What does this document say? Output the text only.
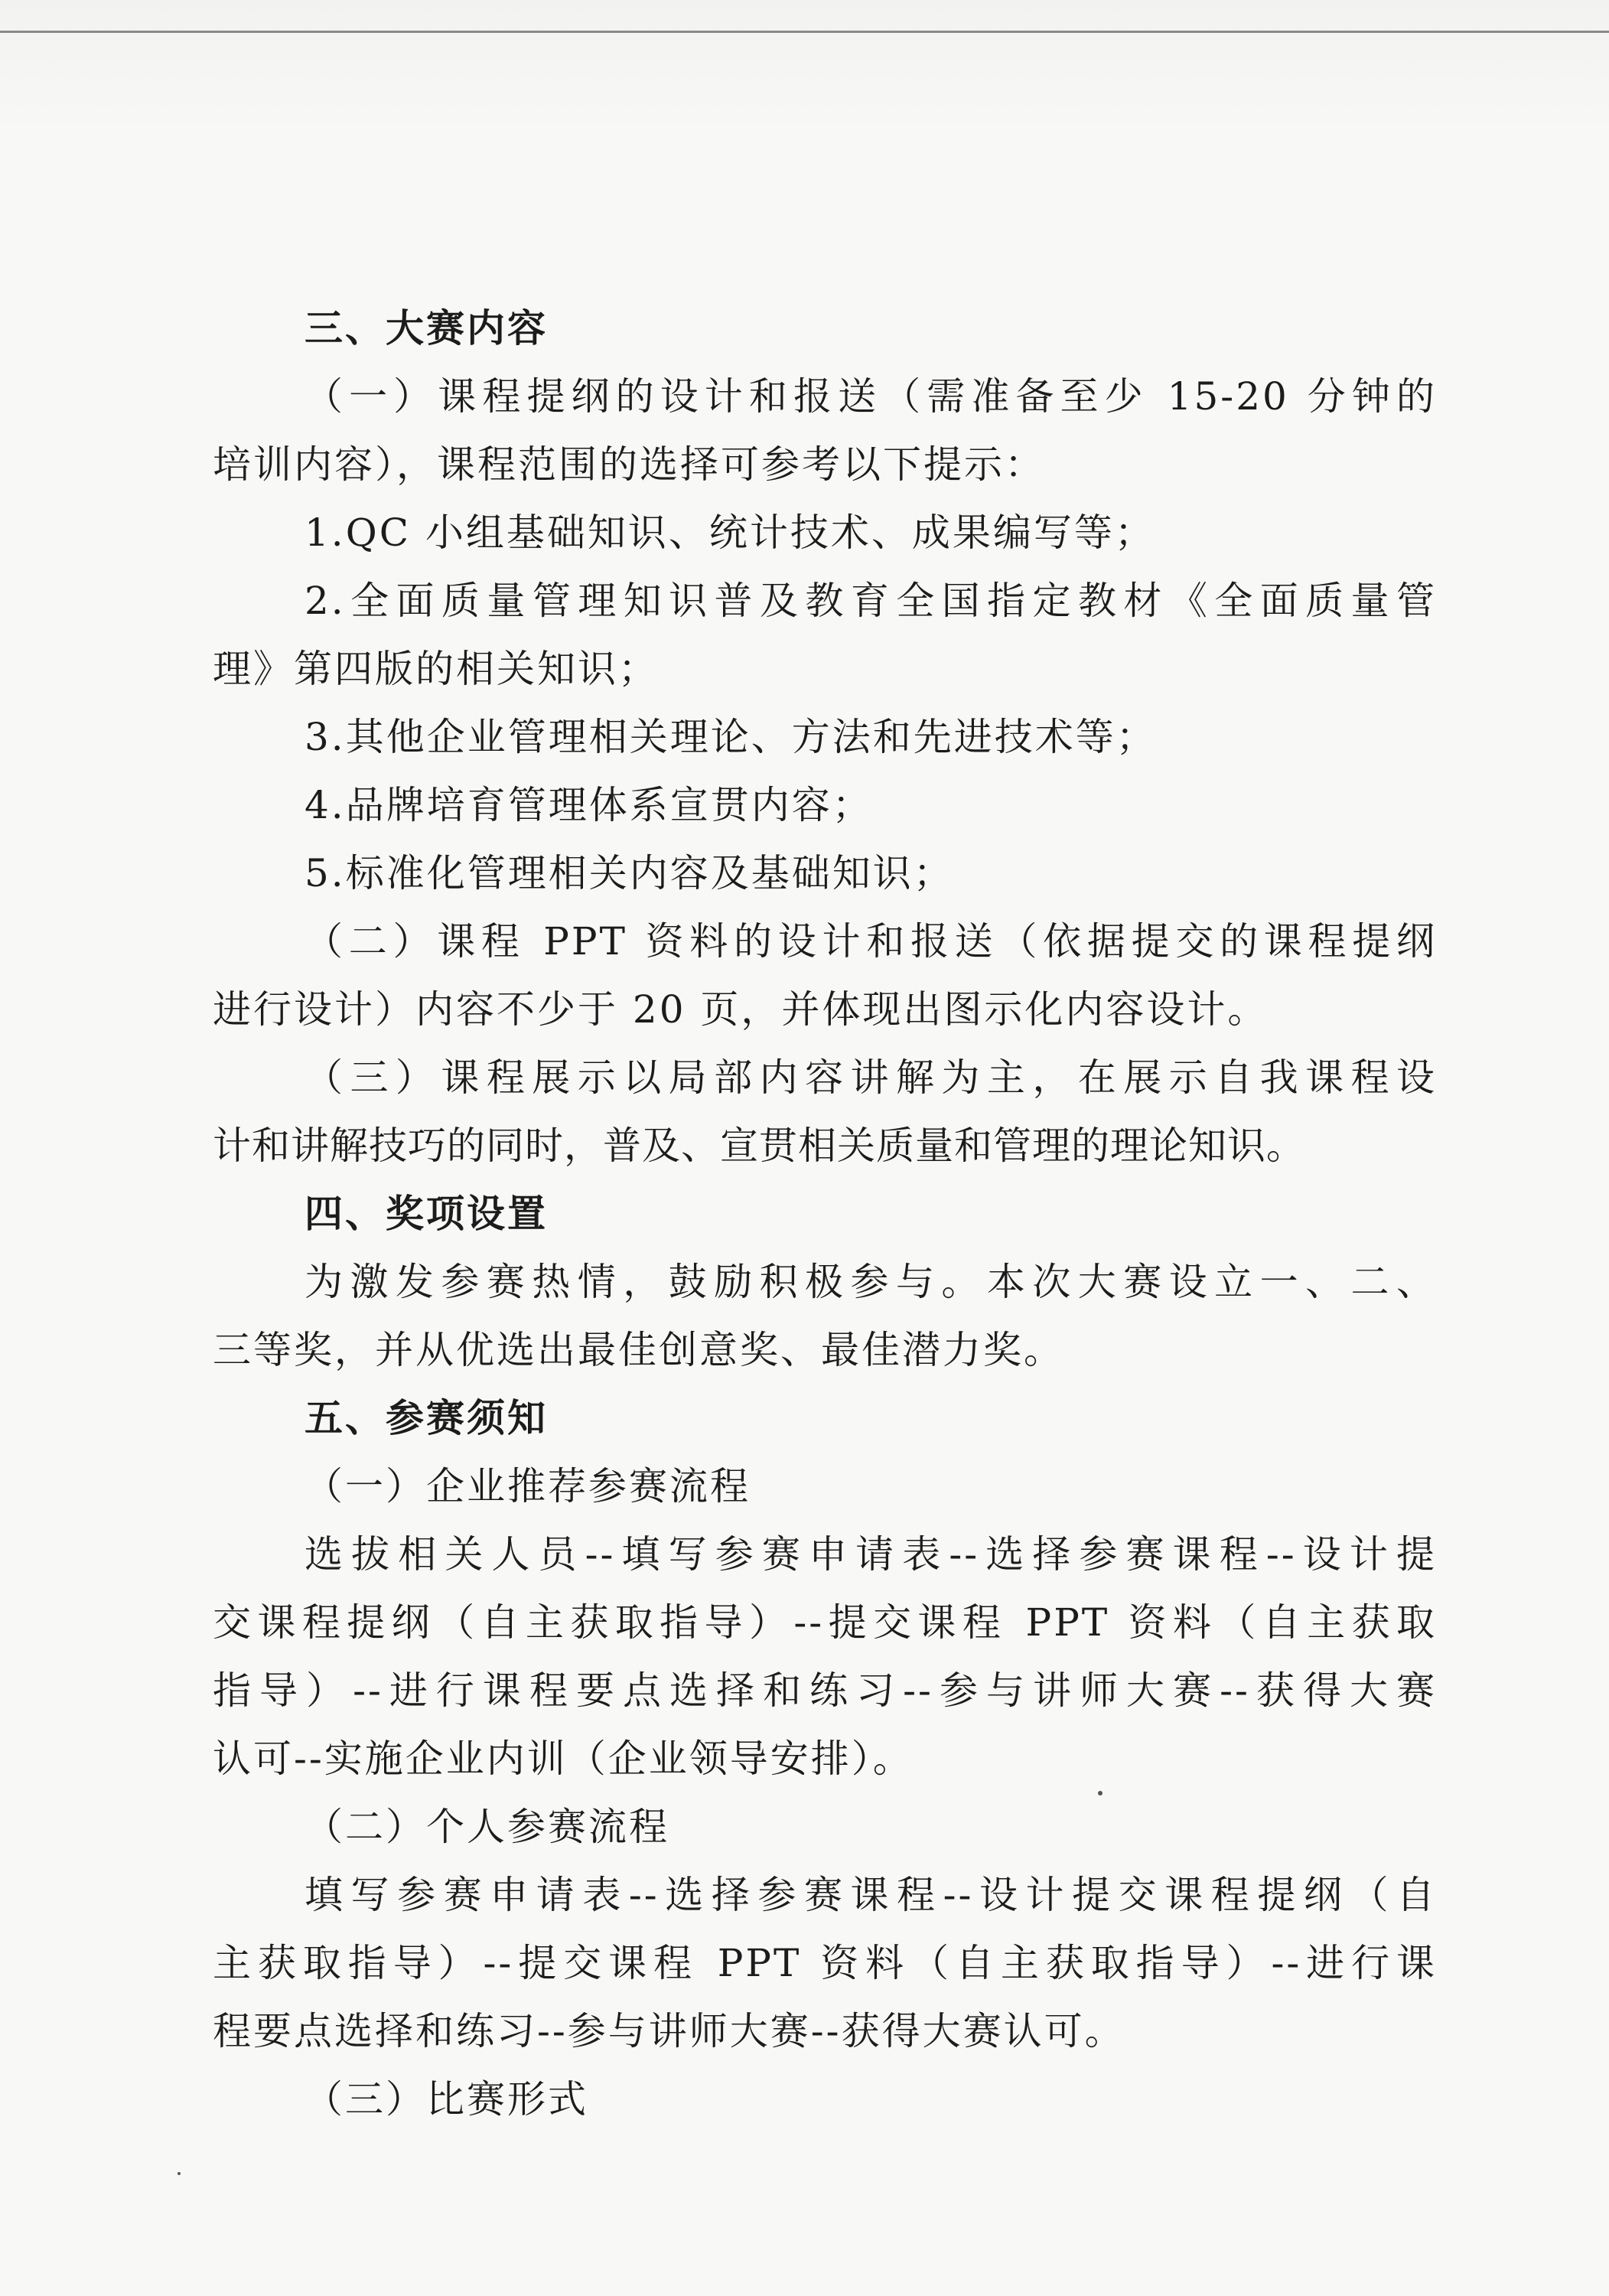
三、大赛内容
（一）课程提纲的设计和报送（需准备至少 15-20 分钟的
培训内容），课程范围的选择可参考以下提示：
1.QC 小组基础知识、统计技术、成果编写等；
2.全面质量管理知识普及教育全国指定教材《全面质量管
理》第四版的相关知识；
3.其他企业管理相关理论、方法和先进技术等；
4.品牌培育管理体系宣贯内容；
5.标准化管理相关内容及基础知识；
（二）课程 PPT 资料的设计和报送（依据提交的课程提纲
进行设计）内容不少于 20 页，并体现出图示化内容设计。
（三）课程展示以局部内容讲解为主，在展示自我课程设
计和讲解技巧的同时，普及、宣贯相关质量和管理的理论知识。
四、奖项设置
为激发参赛热情，鼓励积极参与。本次大赛设立一、二、
三等奖，并从优选出最佳创意奖、最佳潜力奖。
五、参赛须知
（一）企业推荐参赛流程
选拔相关人员--填写参赛申请表--选择参赛课程--设计提
交课程提纲（自主获取指导）--提交课程 PPT 资料（自主获取
指导）--进行课程要点选择和练习--参与讲师大赛--获得大赛
认可--实施企业内训（企业领导安排）。
（二）个人参赛流程
填写参赛申请表--选择参赛课程--设计提交课程提纲（自
主获取指导）--提交课程 PPT 资料（自主获取指导）--进行课
程要点选择和练习--参与讲师大赛--获得大赛认可。
（三）比赛形式
